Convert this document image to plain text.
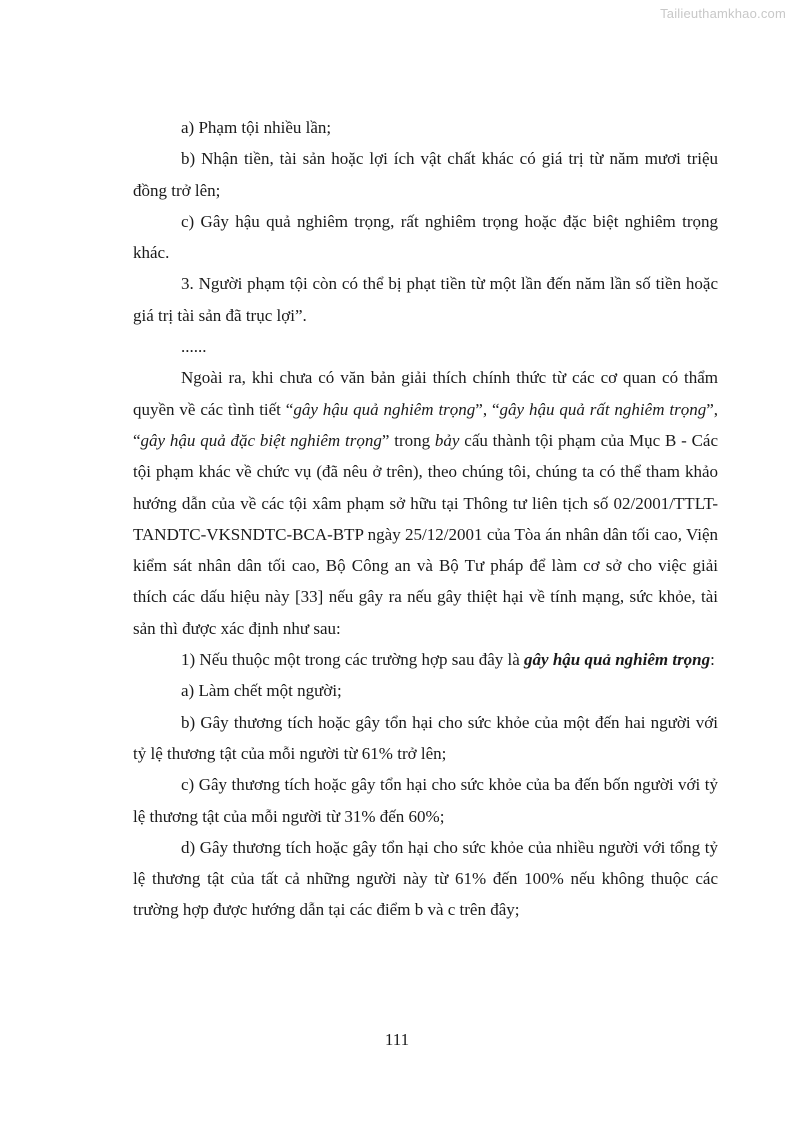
Tailieuthamkhao.com

a) Phạm tội nhiều lần;

b) Nhận tiền, tài sản hoặc lợi ích vật chất khác có giá trị từ năm mươi triệu đồng trở lên;

c) Gây hậu quả nghiêm trọng, rất nghiêm trọng hoặc đặc biệt nghiêm trọng khác.

3. Người phạm tội còn có thể bị phạt tiền từ một lần đến năm lần số tiền hoặc giá trị tài sản đã trục lợi”.

......

Ngoài ra, khi chưa có văn bản giải thích chính thức từ các cơ quan có thẩm quyền về các tình tiết “gây hậu quả nghiêm trọng”, “gây hậu quả rất nghiêm trọng”, “gây hậu quả đặc biệt nghiêm trọng” trong bảy cấu thành tội phạm của Mục B - Các tội phạm khác về chức vụ (đã nêu ở trên), theo chúng tôi, chúng ta có thể tham khảo hướng dẫn của về các tội xâm phạm sở hữu tại Thông tư liên tịch số 02/2001/TTLT-TANDTC-VKSNDTC-BCA-BTP ngày 25/12/2001 của Tòa án nhân dân tối cao, Viện kiểm sát nhân dân tối cao, Bộ Công an và Bộ Tư pháp để làm cơ sở cho việc giải thích các dấu hiệu này [33] nếu gây ra nếu gây thiệt hại về tính mạng, sức khỏe, tài sản thì được xác định như sau:

1) Nếu thuộc một trong các trường hợp sau đây là gây hậu quả nghiêm trọng:

a) Làm chết một người;

b) Gây thương tích hoặc gây tổn hại cho sức khỏe của một đến hai người với tỷ lệ thương tật của mỗi người từ 61% trở lên;

c) Gây thương tích hoặc gây tổn hại cho sức khỏe của ba đến bốn người với tỷ lệ thương tật của mỗi người từ 31% đến 60%;

d) Gây thương tích hoặc gây tổn hại cho sức khỏe của nhiều người với tổng tỷ lệ thương tật của tất cả những người này từ 61% đến 100% nếu không thuộc các trường hợp được hướng dẫn tại các điểm b và c trên đây;

111
